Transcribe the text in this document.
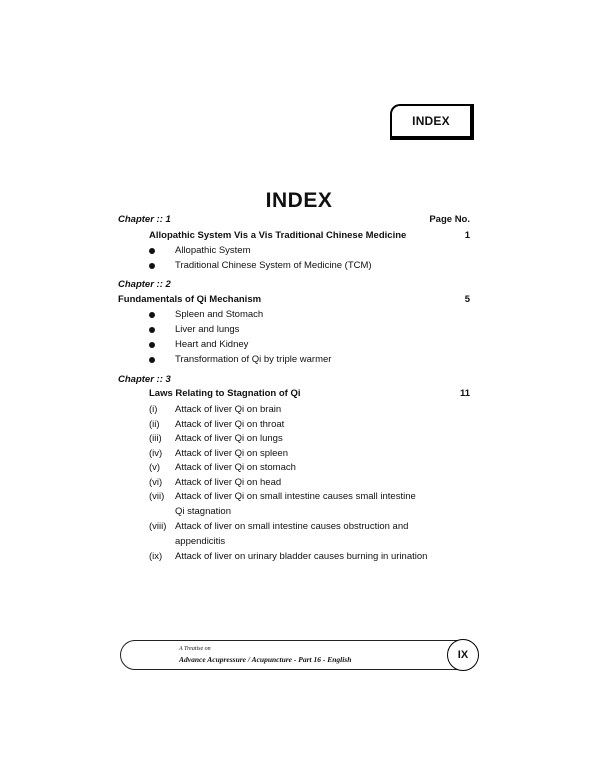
INDEX
INDEX
Chapter :: 1	Page No.
Allopathic System Vis a Vis Traditional Chinese Medicine	1
Allopathic System
Traditional Chinese System of Medicine (TCM)
Chapter :: 2
Fundamentals of Qi Mechanism	5
Spleen and Stomach
Liver and lungs
Heart and Kidney
Transformation of Qi by triple warmer
Chapter :: 3
Laws Relating to Stagnation of Qi	11
(i) Attack of liver Qi on brain
(ii) Attack of liver Qi on throat
(iii) Attack of liver Qi on lungs
(iv) Attack of liver Qi on spleen
(v) Attack of liver Qi on stomach
(vi) Attack of liver Qi on head
(vii) Attack of liver Qi on small intestine causes small intestine
Qi stagnation
(viii) Attack of liver on small intestine causes obstruction and
appendicitis
(ix) Attack of liver on urinary bladder causes burning in urination
A Treatise on
Advance Acupressure / Acupuncture - Part 16 - English	IX
